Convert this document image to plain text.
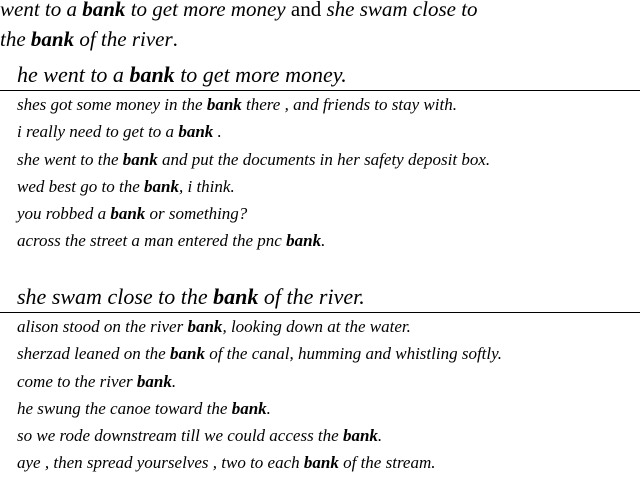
went to a bank to get more money and she swam close to
the bank of the river.
he went to a bank to get more money.
shes got some money in the bank there , and friends to stay with.
i really need to get to a bank .
she went to the bank and put the documents in her safety deposit box.
wed best go to the bank, i think.
you robbed a bank or something?
across the street a man entered the pnc bank.
she swam close to the bank of the river.
alison stood on the river bank, looking down at the water.
sherzad leaned on the bank of the canal, humming and whistling softly.
come to the river bank.
he swung the canoe toward the bank.
so we rode downstream till we could access the bank.
aye , then spread yourselves , two to each bank of the stream.
